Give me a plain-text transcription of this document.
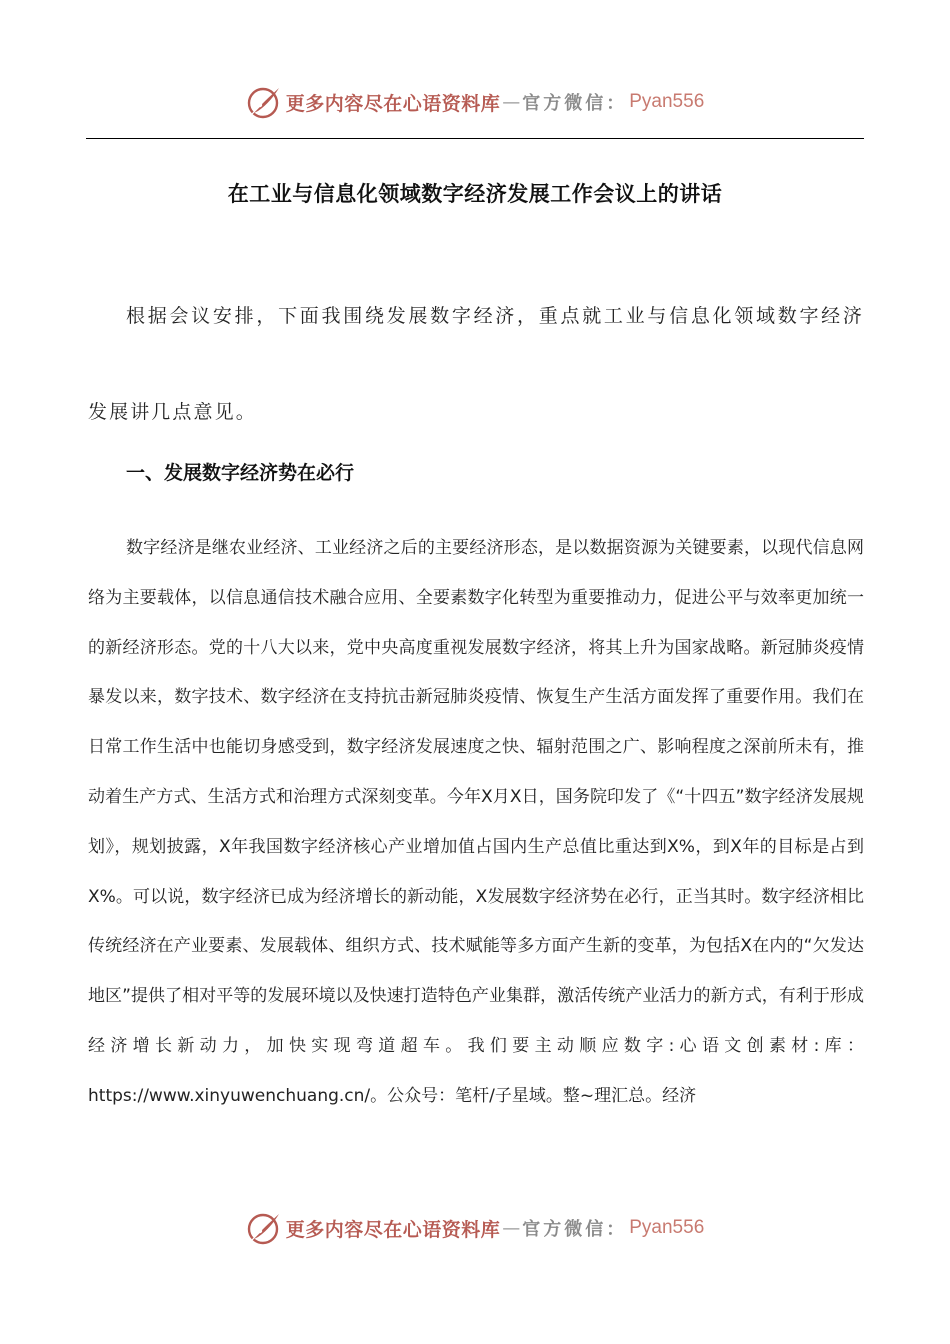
更多内容尽在心语资料库 — 官方微信： Pyan556
在工业与信息化领域数字经济发展工作会议上的讲话

根据会议安排，下面我围绕发展数字经济，重点就工业与信息化领域数字经济发展讲几点意见。

一、发展数字经济势在必行

数字经济是继农业经济、工业经济之后的主要经济形态，是以数据资源为关键要素，以现代信息网络为主要载体，以信息通信技术融合应用、全要素数字化转型为重要推动力，促进公平与效率更加统一的新经济形态。党的十八大以来，党中央高度重视发展数字经济，将其上升为国家战略。新冠肺炎疫情暴发以来，数字技术、数字经济在支持抗击新冠肺炎疫情、恢复生产生活方面发挥了重要作用。我们在日常工作生活中也能切身感受到，数字经济发展速度之快、辐射范围之广、影响程度之深前所未有，推动着生产方式、生活方式和治理方式深刻变革。今年X月X日，国务院印发了《“十四五”数字经济发展规划》，规划披露，X年我国数字经济核心产业增加值占国内生产总值比重达到X%，到X年的目标是占到X%。可以说，数字经济已成为经济增长的新动能，X发展数字经济势在必行，正当其时。数字经济相比传统经济在产业要素、发展载体、组织方式、技术赋能等多方面产生新的变革，为包括X在内的“欠发达地区”提供了相对平等的发展环境以及快速打造特色产业集群，激活传统产业活力的新方式，有利于形成经济增长新动力，加快实现弯道超车。我们要主动顺应数字:心语文创素材:库：https://www.xinyuwenchuang.cn/。公众号：笔杆/子星域。整~理汇总。经济

更多内容尽在心语资料库 — 官方微信： Pyan556
